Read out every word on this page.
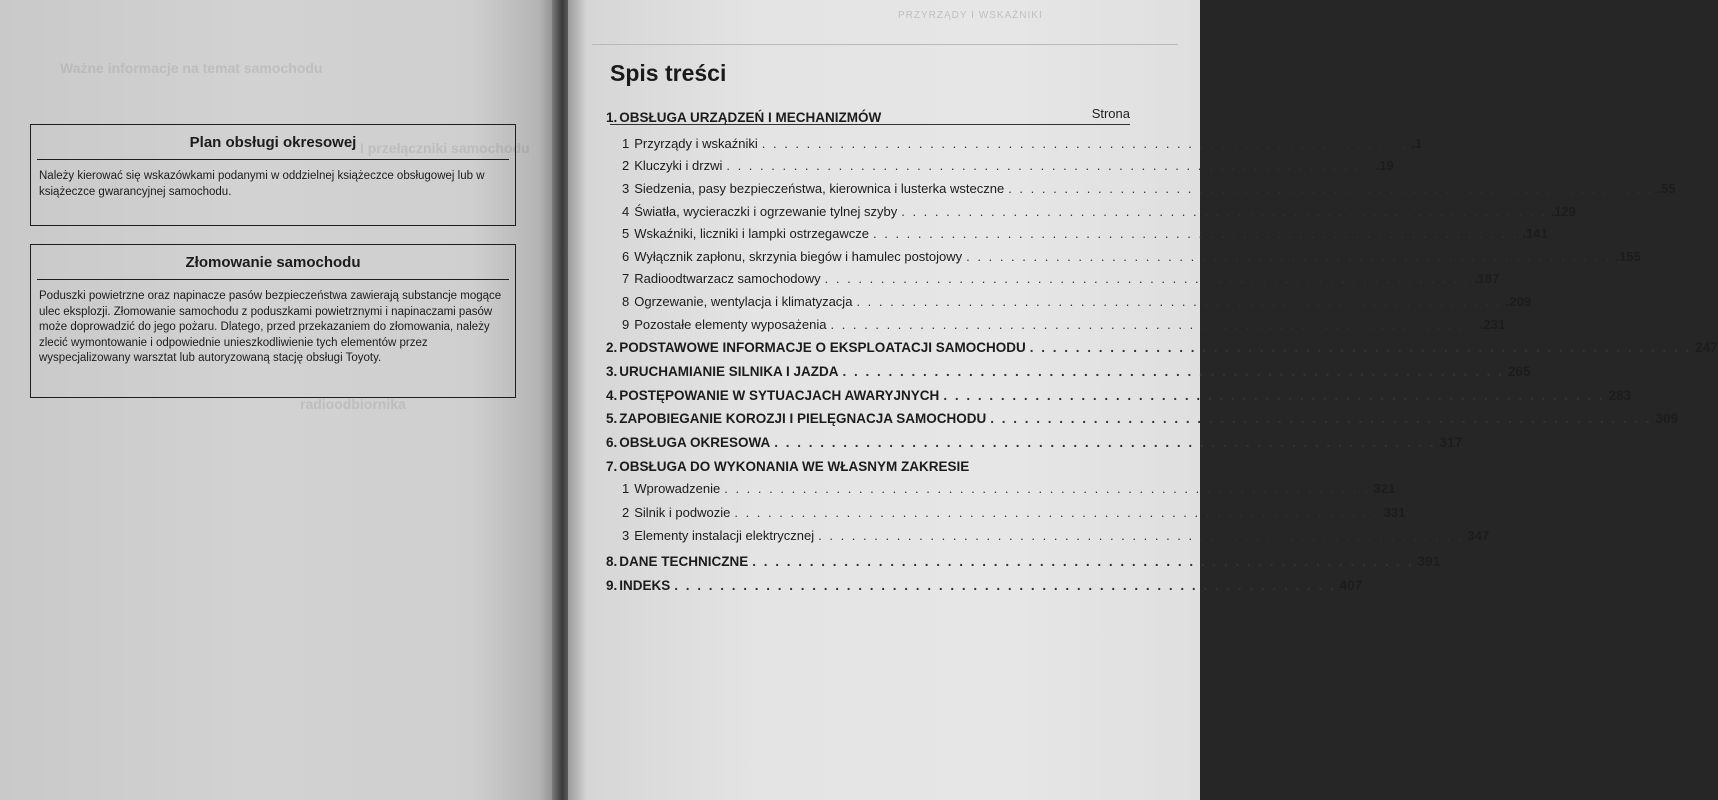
Ważne informacje na temat samochodu
I przełączniki samochodu
radioodbiornika
Plan obsługi okresowej
Należy kierować się wskazówkami podanymi w oddzielnej książeczce obsługowej lub w książeczce gwarancyjnej samochodu.
Złomowanie samochodu
Poduszki powietrzne oraz napinacze pasów bezpieczeństwa zawierają substancje mogące ulec eksplozji. Złomowanie samochodu z poduszkami powietrznymi i napinaczami pasów może doprowadzić do jego pożaru. Dlatego, przed przekazaniem do złomowania, należy zlecić wymontowanie i odpowiednie unieszkodliwienie tych elementów przez wyspecjalizowany warsztat lub autoryzowaną stację obsługi Toyoty.
PRZYRZĄDY I WSKAŹNIKI
Spis treści
Strona
1. OBSŁUGA URZĄDZEŃ I MECHANIZMÓW
1 Przyrządy i wskaźniki . . . . . . . . . . . . . . . . . . . . . . . . . . . . . . . . . . . . . . . . . . . . . . . . . . . . . . . . . . .1
2 Kluczyki i drzwi . . . . . . . . . . . . . . . . . . . . . . . . . . . . . . . . . . . . . . . . . . . . . . . . . . . . . . . . . . .19
3 Siedzenia, pasy bezpieczeństwa, kierownica i lusterka wsteczne . . . . . . . . . . . . . . . . . . . . . . . . . . . . . . . . . . . . . . . . . . . . . . . . . . . . . . . . . . .55
4 Światła, wycieraczki i ogrzewanie tylnej szyby . . . . . . . . . . . . . . . . . . . . . . . . . . . . . . . . . . . . . . . . . . . . . . . . . . . . . . . . . . .129
5 Wskaźniki, liczniki i lampki ostrzegawcze . . . . . . . . . . . . . . . . . . . . . . . . . . . . . . . . . . . . . . . . . . . . . . . . . . . . . . . . . . .141
6 Wyłącznik zapłonu, skrzynia biegów i hamulec postojowy . . . . . . . . . . . . . . . . . . . . . . . . . . . . . . . . . . . . . . . . . . . . . . . . . . . . . . . . . . .155
7 Radioodtwarzacz samochodowy . . . . . . . . . . . . . . . . . . . . . . . . . . . . . . . . . . . . . . . . . . . . . . . . . . . . . . . . . . .187
8 Ogrzewanie, wentylacja i klimatyzacja . . . . . . . . . . . . . . . . . . . . . . . . . . . . . . . . . . . . . . . . . . . . . . . . . . . . . . . . . . .209
9 Pozostałe elementy wyposażenia . . . . . . . . . . . . . . . . . . . . . . . . . . . . . . . . . . . . . . . . . . . . . . . . . . . . . . . . . . .231
2. PODSTAWOWE INFORMACJE O EKSPLOATACJI SAMOCHODU . . . . . . . . . . . . . . . . . . . . . . . . . . . . . . . . . . . . . . . . . . . . . . . . . . . . . . . . . . 247
3. URUCHAMIANIE SILNIKA I JAZDA . . . . . . . . . . . . . . . . . . . . . . . . . . . . . . . . . . . . . . . . . . . . . . . . . . . . . . . . . . 265
4. POSTĘPOWANIE W SYTUACJACH AWARYJNYCH . . . . . . . . . . . . . . . . . . . . . . . . . . . . . . . . . . . . . . . . . . . . . . . . . . . . . . . . . . 283
5. ZAPOBIEGANIE KOROZJI I PIELĘGNACJA SAMOCHODU . . . . . . . . . . . . . . . . . . . . . . . . . . . . . . . . . . . . . . . . . . . . . . . . . . . . . . . . . . 309
6. OBSŁUGA OKRESOWA . . . . . . . . . . . . . . . . . . . . . . . . . . . . . . . . . . . . . . . . . . . . . . . . . . . . . . . . . . 317
7. OBSŁUGA DO WYKONANIA WE WŁASNYM ZAKRESIE
1 Wprowadzenie . . . . . . . . . . . . . . . . . . . . . . . . . . . . . . . . . . . . . . . . . . . . . . . . . . . . . . . . . . 321
2 Silnik i podwozie . . . . . . . . . . . . . . . . . . . . . . . . . . . . . . . . . . . . . . . . . . . . . . . . . . . . . . . . . . 331
3 Elementy instalacji elektrycznej . . . . . . . . . . . . . . . . . . . . . . . . . . . . . . . . . . . . . . . . . . . . . . . . . . . . . . . . . . 347
8. DANE TECHNICZNE . . . . . . . . . . . . . . . . . . . . . . . . . . . . . . . . . . . . . . . . . . . . . . . . . . . . . . . . . . 391
9. INDEKS . . . . . . . . . . . . . . . . . . . . . . . . . . . . . . . . . . . . . . . . . . . . . . . . . . . . . . . . . . 407
